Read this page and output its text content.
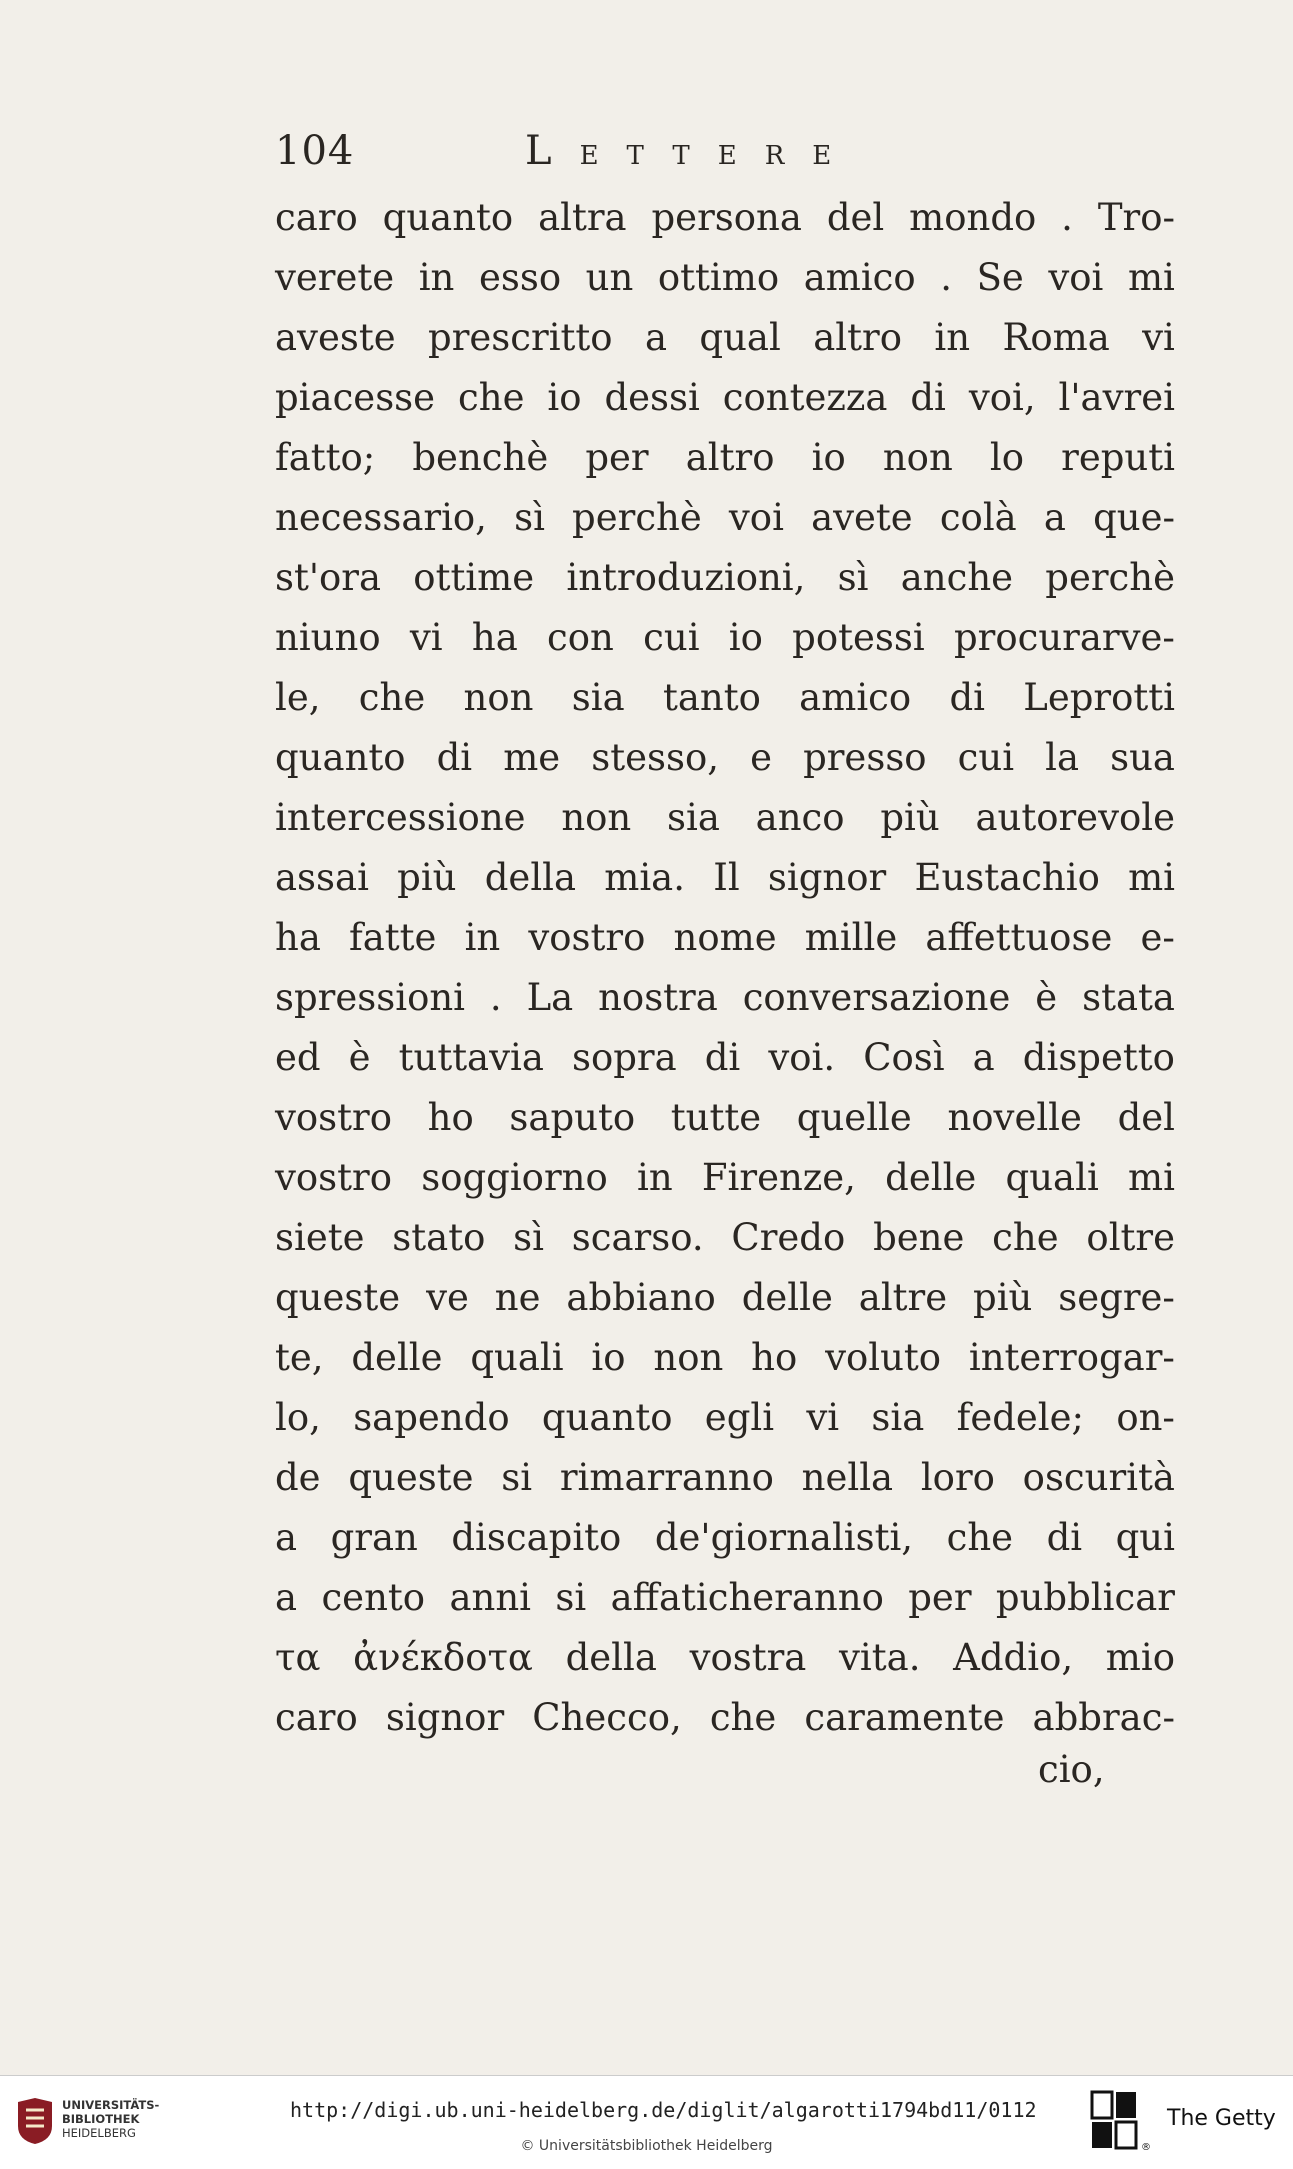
104	LETTERE
caro quanto altra persona del mondo . Tro-
verete in esso un ottimo amico . Se voi mi
aveste prescritto a qual altro in Roma vi
piacesse che io dessi contezza di voi, l'avrei
fatto; benchè per altro io non lo reputi
necessario, sì perchè voi avete colà a que-
st'ora ottime introduzioni, sì anche perchè
niuno vi ha con cui io potessi procurarve-
le, che non sia tanto amico di Leprotti
quanto di me stesso, e presso cui la sua
intercessione non sia anco più autorevole
assai più della mia. Il signor Eustachio mi
ha fatte in vostro nome mille affettuose e-
spressioni . La nostra conversazione è stata
ed è tuttavia sopra di voi. Così a dispetto
vostro ho saputo tutte quelle novelle del
vostro soggiorno in Firenze, delle quali mi
siete stato sì scarso. Credo bene che oltre
queste ve ne abbiano delle altre più segre-
te, delle quali io non ho voluto interrogar-
lo, sapendo quanto egli vi sia fedele; on-
de queste si rimarranno nella loro oscurità
a gran discapito de'giornalisti, che di qui
a cento anni si affaticheranno per pubblicar
τα ἀνέκδοτα della vostra vita. Addio, mio
caro signor Checco, che caramente abbrac-
cio,
UNIVERSITÄTS-
BIBLIOTHEK
HEIDELBERG
http://digi.ub.uni-heidelberg.de/diglit/algarotti1794bd11/0112
© Universitätsbibliothek Heidelberg	®
The Getty
